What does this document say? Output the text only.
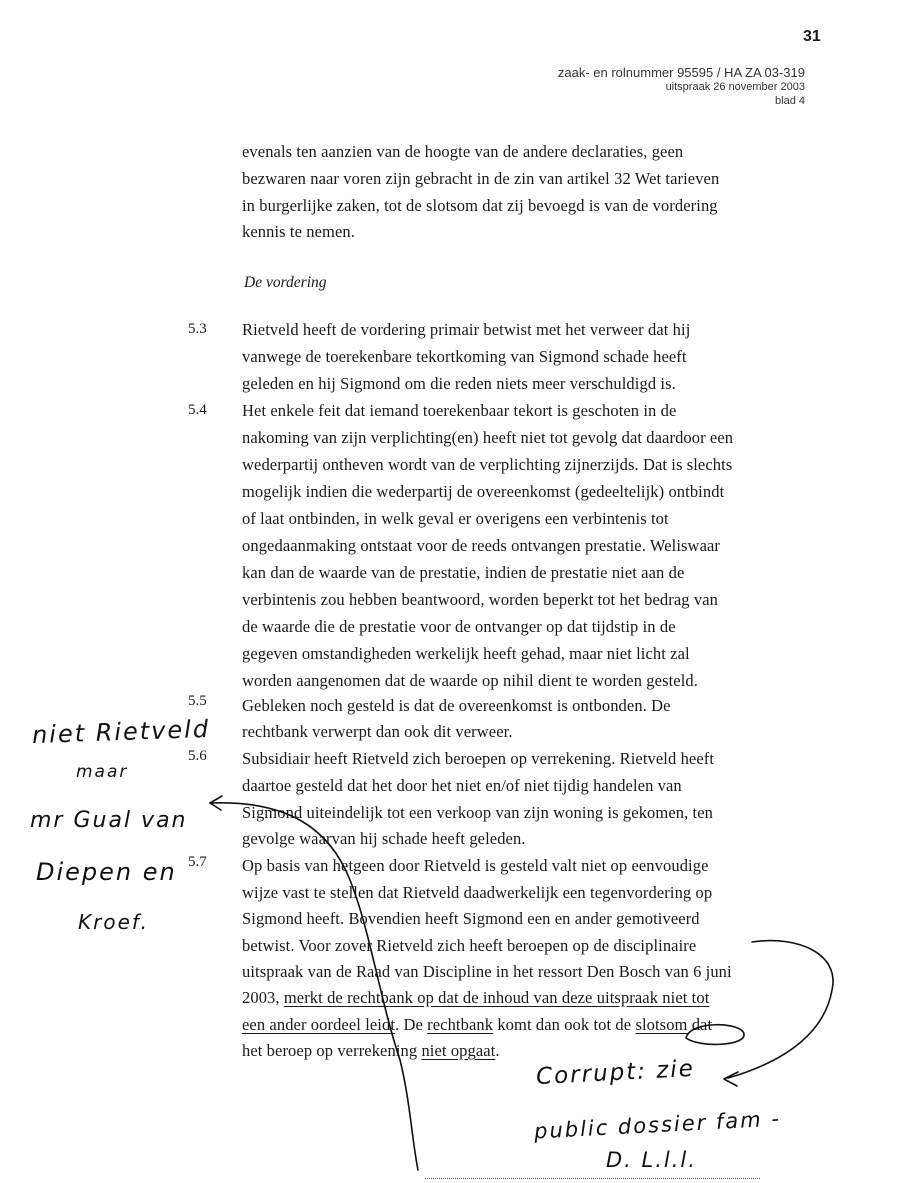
31
zaak- en rolnummer 95595 / HA ZA 03-319
uitspraak 26 november 2003
blad 4
evenals ten aanzien van de hoogte van de andere declaraties, geen
bezwaren naar voren zijn gebracht in de zin van artikel 32 Wet tarieven
in burgerlijke zaken, tot de slotsom dat zij bevoegd is van de vordering
kennis te nemen.
De vordering
5.3 Rietveld heeft de vordering primair betwist met het verweer dat hij
vanwege de toerekenbare tekortkoming van Sigmond schade heeft
geleden en hij Sigmond om die reden niets meer verschuldigd is.
5.4 Het enkele feit dat iemand toerekenbaar tekort is geschoten in de
nakoming van zijn verplichting(en) heeft niet tot gevolg dat daardoor een
wederpartij ontheven wordt van de verplichting zijnerzijds. Dat is slechts
mogelijk indien die wederpartij de overeenkomst (gedeeltelijk) ontbindt
of laat ontbinden, in welk geval er overigens een verbintenis tot
ongedaanmaking ontstaat voor de reeds ontvangen prestatie. Weliswaar
kan dan de waarde van de prestatie, indien de prestatie niet aan de
verbintenis zou hebben beantwoord, worden beperkt tot het bedrag van
de waarde die de prestatie voor de ontvanger op dat tijdstip in de
gegeven omstandigheden werkelijk heeft gehad, maar niet licht zal
worden aangenomen dat de waarde op nihil dient te worden gesteld.
5.5 Gebleken noch gesteld is dat de overeenkomst is ontbonden. De
rechtbank verwerpt dan ook dit verweer.
5.6 Subsidiair heeft Rietveld zich beroepen op verrekening. Rietveld heeft
daartoe gesteld dat het door het niet en/of niet tijdig handelen van
Sigmond uiteindelijk tot een verkoop van zijn woning is gekomen, ten
gevolge waarvan hij schade heeft geleden.
5.7 Op basis van hetgeen door Rietveld is gesteld valt niet op eenvoudige
wijze vast te stellen dat Rietveld daadwerkelijk een tegenvordering op
Sigmond heeft. Bovendien heeft Sigmond een en ander gemotiveerd
betwist. Voor zover Rietveld zich heeft beroepen op de disciplinaire
uitspraak van de Raad van Discipline in het ressort Den Bosch van 6 juni
2003, merkt de rechtbank op dat de inhoud van deze uitspraak niet tot
een ander oordeel leidt. De rechtbank komt dan ook tot de slotsom dat
het beroep op verrekening niet opgaat.
niet Rietveld
maar
mr Gual van
Diepen en
Kroef.
Corrupt: zie
public dossier fam -
D. L.l.l.
